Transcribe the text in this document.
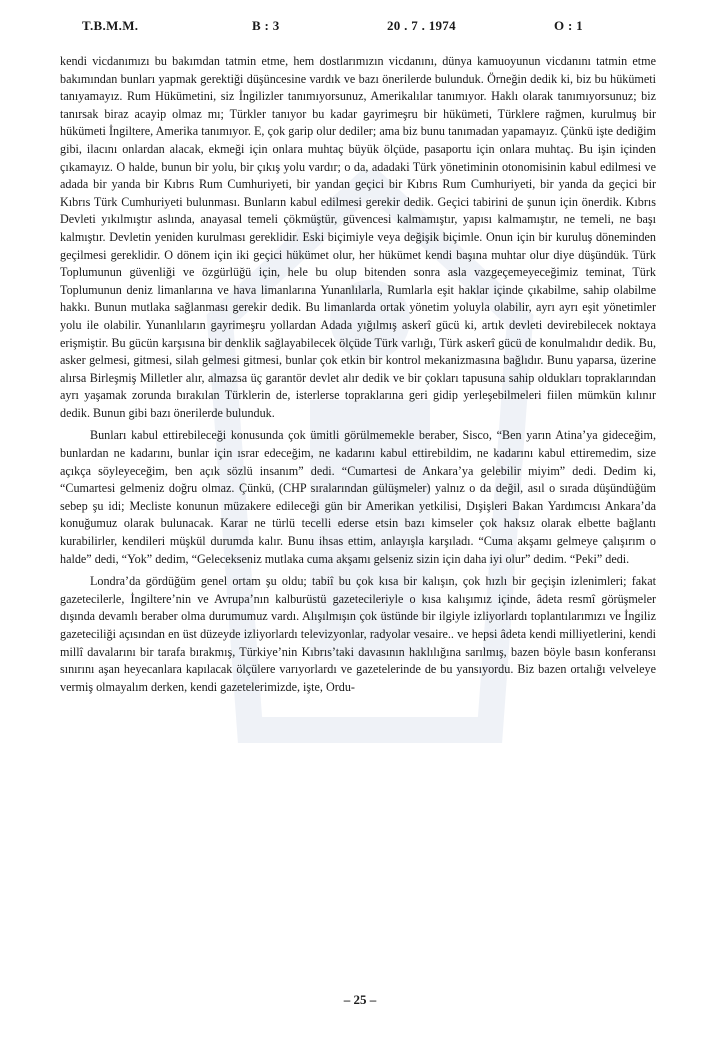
T.B.M.M.	B : 3	20 . 7 . 1974	O : 1

kendi vicdanımızı bu bakımdan tatmin etme, hem dostlarımızın vicdanını, dünya kamuoyunun vicdanını tatmin etme bakımından bunları yapmak gerektiği düşüncesine vardık ve bazı önerilerde bulunduk. Örneğin dedik ki, biz bu hükümeti tanıyamayız. Rum Hükümetini, siz İngilizler tanımıyorsunuz, Amerikalılar tanımıyor. Haklı olarak tanımıyorsunuz; biz tanırsak biraz acayip olmaz mı; Türkler tanıyor bu kadar gayrimeşru bir hükümeti, Türklere rağmen, kurulmuş bir hükümeti İngiltere, Amerika tanımıyor. E, çok garip olur dediler; ama biz bunu tanımadan yapamayız. Çünkü işte dediğim gibi, ilacını onlardan alacak, ekmeği için onlara muhtaç büyük ölçüde, pasaportu için onlara muhtaç. Bu işin içinden çıkamayız. O halde, bunun bir yolu, bir çıkış yolu vardır; o da, adadaki Türk yönetiminin otonomisinin kabul edilmesi ve adada bir yanda bir Kıbrıs Rum Cumhuriyeti, bir yandan geçici bir Kıbrıs Rum Cumhuriyeti, bir yanda da geçici bir Kıbrıs Türk Cumhuriyeti bulunması. Bunların kabul edilmesi gerekir dedik. Geçici tabirini de şunun için önerdik. Kıbrıs Devleti yıkılmıştır aslında, anayasal temeli çökmüştür, güvencesi kalmamıştır, yapısı kalmamıştır, ne temeli, ne başı kalmıştır. Devletin yeniden kurulması gereklidir. Eski biçimiyle veya değişik biçimle. Onun için bir kuruluş döneminden geçilmesi gereklidir. O dönem için iki geçici hükümet olur, her hükümet kendi başına muhtar olur diye düşündük. Türk Toplumunun güvenliği ve özgürlüğü için, hele bu olup bitenden sonra asla vazgeçemeyeceğimiz teminat, Türk Toplumunun deniz limanlarına ve hava limanlarına Yunanlılarla, Rumlarla eşit haklar içinde çıkabilme, sahip olabilme hakkı. Bunun mutlaka sağlanması gerekir dedik. Bu limanlarda ortak yönetim yoluyla olabilir, ayrı ayrı eşit yönetimler yolu ile olabilir. Yunanlıların gayrimeşru yollardan Adada yığılmış askerî gücü ki, artık devleti devirebilecek noktaya erişmiştir. Bu gücün karşısına bir denklik sağlayabilecek ölçüde Türk varlığı, Türk askerî gücü de konulmalıdır dedik. Bu, asker gelmesi, gitmesi, silah gelmesi gitmesi, bunlar çok etkin bir kontrol mekanizmasına bağlıdır. Bunu yaparsa, üzerine alırsa Birleşmiş Milletler alır, almazsa üç garantör devlet alır dedik ve bir çokları tapusuna sahip oldukları topraklarından ayrı yaşamak zorunda bırakılan Türklerin de, isterlerse topraklarına geri gidip yerleşebilmeleri fiilen mümkün kılınır dedik. Bunun gibi bazı önerilerde bulunduk.

Bunları kabul ettirebileceği konusunda çok ümitli görülmemekle beraber, Sisco, “Ben yarın Atina’ya gideceğim, bunlardan ne kadarını, bunlar için ısrar edeceğim, ne kadarını kabul ettirebildim, ne kadarını kabul ettiremedim, size açıkça söyleyeceğim, ben açık sözlü insanım” dedi. “Cumartesi de Ankara’ya gelebilir miyim” dedi. Dedim ki, “Cumartesi gelmeniz doğru olmaz. Çünkü, (CHP sıralarından gülüşmeler) yalnız o da değil, asıl o sırada düşündüğüm sebep şu idi; Mecliste konunun müzakere edileceği gün bir Amerikan yetkilisi, Dışişleri Bakan Yardımcısı Ankara’da konuğumuz olarak bulunacak. Karar ne türlü tecelli ederse etsin bazı kimseler çok haksız olarak elbette bağlantı kurabilirler, kendileri müşkül durumda kalır. Bunu ihsas ettim, anlayışla karşıladı. “Cuma akşamı gelmeye çalışırım o halde” dedi, “Yok” dedim, “Gelecekseniz mutlaka cuma akşamı gelseniz sizin için daha iyi olur” dedim. “Peki” dedi.

Londra’da gördüğüm genel ortam şu oldu; tabiî bu çok kısa bir kalışın, çok hızlı bir geçişin izlenimleri; fakat gazetecilerle, İngiltere’nin ve Avrupa’nın kalburüstü gazetecileriyle o kısa kalışımız içinde, âdeta resmî görüşmeler dışında devamlı beraber olma durumumuz vardı. Alışılmışın çok üstünde bir ilgiyle izliyorlardı toplantılarımızı ve İngiliz gazeteciliği açısından en üst düzeyde izliyorlardı televizyonlar, radyolar vesaire.. ve hepsi âdeta kendi milliyetlerini, kendi millî davalarını bir tarafa bırakmış, Türkiye’nin Kıbrıs’taki davasının haklılığına sarılmış, bazen böyle basın konferansı sınırını aşan heyecanlara kapılacak ölçülere varıyorlardı ve gazetelerinde de bu yansıyordu. Biz bazen ortalığı velveleye vermiş olmayalım derken, kendi gazetelerimizde, işte, Ordu-

– 25 –
